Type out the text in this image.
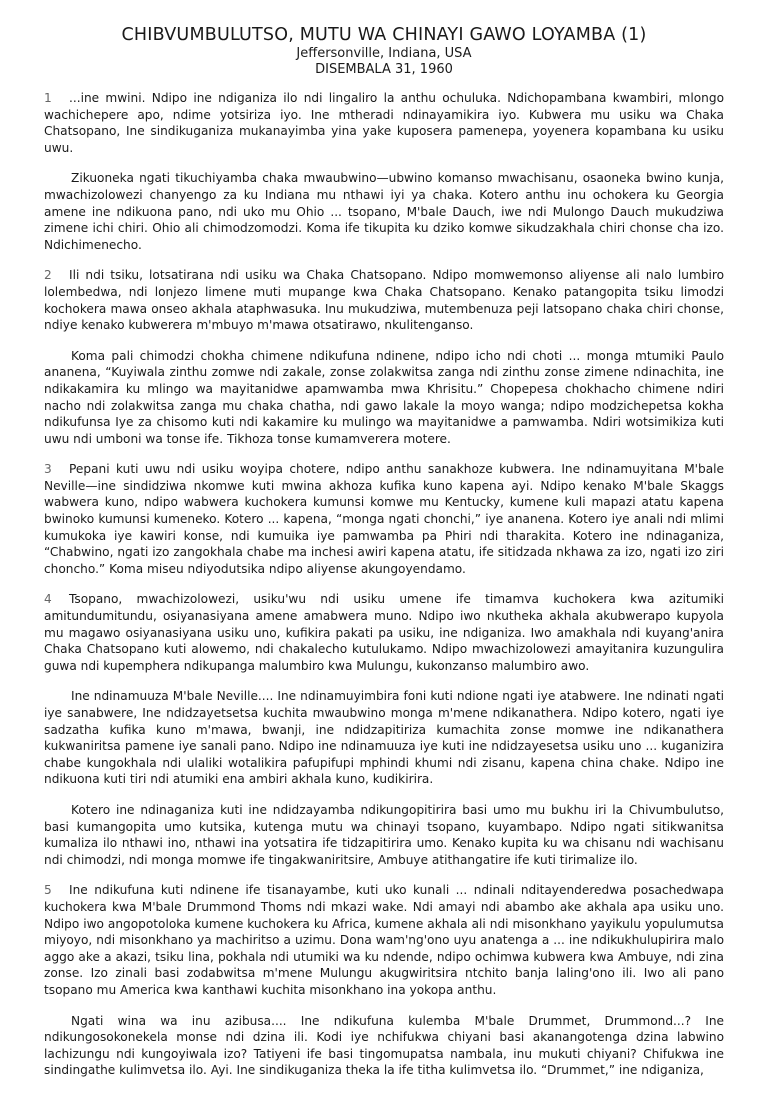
CHIBVUMBULUTSO, MUTU WA CHINAYI GAWO LOYAMBA (1)

Jeffersonville, Indiana, USA

DISEMBALA 31, 1960

1 ...ine mwini. Ndipo ine ndiganiza ilo ndi lingaliro la anthu ochuluka. Ndichopambana kwambiri, mlongo wachichepere apo, ndime yotsiriza iyo. Ine mtheradi ndinayamikira iyo. Kubwera mu usiku wa Chaka Chatsopano, Ine sindikuganiza mukanayimba yina yake kuposera pamenepa, yoyenera kopambana ku usiku uwu.

Zikuoneka ngati tikuchiyamba chaka mwaubwino—ubwino komanso mwachisanu, osaoneka bwino kunja, mwachizolowezi chanyengo za ku Indiana mu nthawi iyi ya chaka. Kotero anthu inu ochokera ku Georgia amene ine ndikuona pano, ndi uko mu Ohio ... tsopano, M'bale Dauch, iwe ndi Mulongo Dauch mukudziwa zimene ichi chiri. Ohio ali chimodzomodzi. Koma ife tikupita ku dziko komwe sikudzakhala chiri chonse cha izo. Ndichimenecho.

2 Ili ndi tsiku, lotsatirana ndi usiku wa Chaka Chatsopano. Ndipo momwemonso aliyense ali nalo lumbiro lolembedwa, ndi lonjezo limene muti mupange kwa Chaka Chatsopano. Kenako patangopita tsiku limodzi kochokera mawa onseo akhala ataphwasuka. Inu mukudziwa, mutembenuza peji latsopano chaka chiri chonse, ndiye kenako kubwerera m'mbuyo m'mawa otsatirawo, nkulitenganso.

Koma pali chimodzi chokha chimene ndikufuna ndinene, ndipo icho ndi choti ... monga mtumiki Paulo ananena, “Kuyiwala zinthu zomwe ndi zakale, zonse zolakwitsa zanga ndi zinthu zonse zimene ndinachita, ine ndikakamira ku mlingo wa mayitanidwe apamwamba mwa Khrisitu.” Chopepesa chokhacho chimene ndiri nacho ndi zolakwitsa zanga mu chaka chatha, ndi gawo lakale la moyo wanga; ndipo modzichepetsa kokha ndikufunsa Iye za chisomo kuti ndi kakamire ku mulingo wa mayitanidwe a pamwamba. Ndiri wotsimikiza kuti uwu ndi umboni wa tonse ife. Tikhoza tonse kumamverera motere.

3 Pepani kuti uwu ndi usiku woyipa chotere, ndipo anthu sanakhoze kubwera. Ine ndinamuyitana M'bale Neville—ine sindidziwa nkomwe kuti mwina akhoza kufika kuno kapena ayi. Ndipo kenako M'bale Skaggs wabwera kuno, ndipo wabwera kuchokera kumunsi komwe mu Kentucky, kumene kuli mapazi atatu kapena bwinoko kumunsi kumeneko. Kotero ... kapena, “monga ngati chonchi,” iye ananena. Kotero iye anali ndi mlimi kumukoka iye kawiri konse, ndi kumuika iye pamwamba pa Phiri ndi tharakita. Kotero ine ndinaganiza, “Chabwino, ngati izo zangokhala chabe ma inchesi awiri kapena atatu, ife sitidzada nkhawa za izo, ngati izo ziri choncho.” Koma miseu ndiyodutsika ndipo aliyense akungoyendamo.

4 Tsopano, mwachizolowezi, usiku'wu ndi usiku umene ife timamva kuchokera kwa azitumiki amitundumitundu, osiyanasiyana amene amabwera muno. Ndipo iwo nkutheka akhala akubwerapo kupyola mu magawo osiyanasiyana usiku uno, kufikira pakati pa usiku, ine ndiganiza. Iwo amakhala ndi kuyang'anira Chaka Chatsopano kuti alowemo, ndi chakalecho kutulukamo. Ndipo mwachizolowezi amayitanira kuzungulira guwa ndi kupemphera ndikupanga malumbiro kwa Mulungu, kukonzanso malumbiro awo.

Ine ndinamuuza M'bale Neville.... Ine ndinamuyimbira foni kuti ndione ngati iye atabwere. Ine ndinati ngati iye sanabwere, Ine ndidzayetsetsa kuchita mwaubwino monga m'mene ndikanathera. Ndipo kotero, ngati iye sadzatha kufika kuno m'mawa, bwanji, ine ndidzapitiriza kumachita zonse momwe ine ndikanathera kukwaniritsa pamene iye sanali pano. Ndipo ine ndinamuuza iye kuti ine ndidzayesetsa usiku uno ... kuganizira chabe kungokhala ndi ulaliki wotalikira pafupifupi mphindi khumi ndi zisanu, kapena china chake. Ndipo ine ndikuona kuti tiri ndi atumiki ena ambiri akhala kuno, kudikirira.

Kotero ine ndinaganiza kuti ine ndidzayamba ndikungopitirira basi umo mu bukhu iri la Chivumbulutso, basi kumangopita umo kutsika, kutenga mutu wa chinayi tsopano, kuyambapo. Ndipo ngati sitikwanitsa kumaliza ilo nthawi ino, nthawi ina yotsatira ife tidzapitirira umo. Kenako kupita ku wa chisanu ndi wachisanu ndi chimodzi, ndi monga momwe ife tingakwaniritsire, Ambuye atithangatire ife kuti tirimalize ilo.

5 Ine ndikufuna kuti ndinene ife tisanayambe, kuti uko kunali ... ndinali nditayenderedwa posachedwapa kuchokera kwa M'bale Drummond Thoms ndi mkazi wake. Ndi amayi ndi abambo ake akhala apa usiku uno. Ndipo iwo angopotoloka kumene kuchokera ku Africa, kumene akhala ali ndi misonkhano yayikulu yopulumutsa miyoyo, ndi misonkhano ya machiritso a uzimu. Dona wam'ng'ono uyu anatenga a ... ine ndikukhulupirira malo aggo ake a akazi, tsiku lina, pokhala ndi utumiki wa ku ndende, ndipo ochimwa kubwera kwa Ambuye, ndi zina zonse. Izo zinali basi zodabwitsa m'mene Mulungu akugwiritsira ntchito banja laling'ono ili. Iwo ali pano tsopano mu America kwa kanthawi kuchita misonkhano ina yokopa anthu.

Ngati wina wa inu azibusa.... Ine ndikufuna kulemba M'bale Drummet, Drummond...? Ine ndikungosokonekela monse ndi dzina ili. Kodi iye nchifukwa chiyani basi akanangotenga dzina labwino lachizungu ndi kungoyiwala izo? Tatiyeni ife basi tingomupatsa nambala, inu mukuti chiyani? Chifukwa ine sindingathe kulimvetsa ilo. Ayi. Ine sindikuganiza theka la ife titha kulimvetsa ilo. “Drummet,” ine ndiganiza,
